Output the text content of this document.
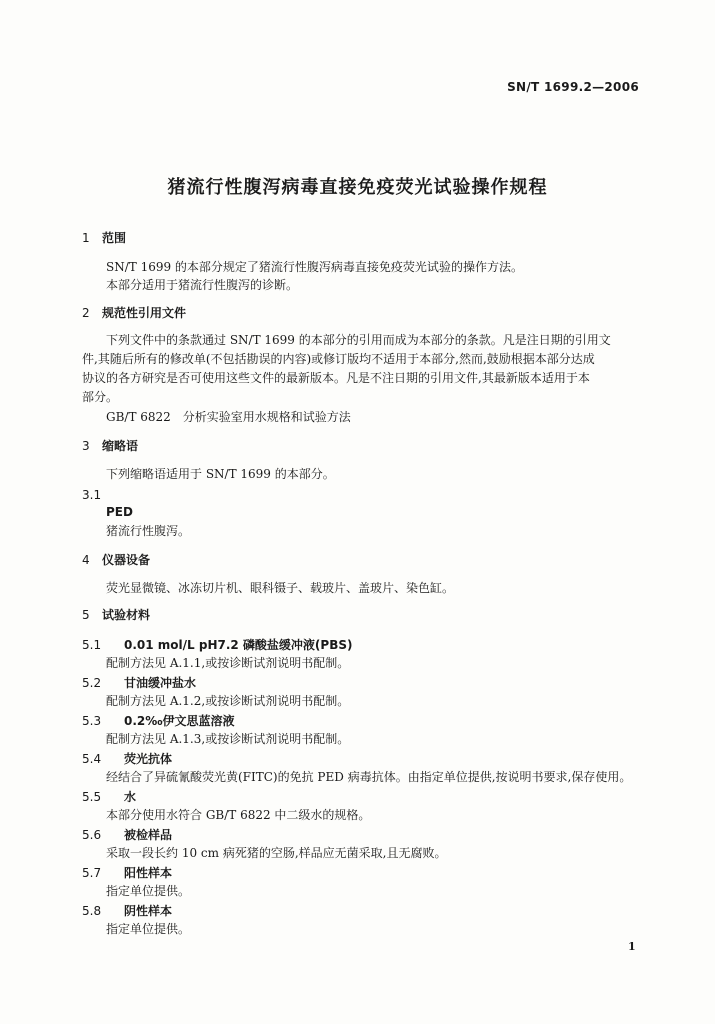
SN/T 1699.2—2006
猪流行性腹泻病毒直接免疫荧光试验操作规程
1 范围
SN/T 1699 的本部分规定了猪流行性腹泻病毒直接免疫荧光试验的操作方法。
本部分适用于猪流行性腹泻的诊断。
2 规范性引用文件
下列文件中的条款通过 SN/T 1699 的本部分的引用而成为本部分的条款。凡是注日期的引用文
件,其随后所有的修改单(不包括勘误的内容)或修订版均不适用于本部分,然而,鼓励根据本部分达成
协议的各方研究是否可使用这些文件的最新版本。凡是不注日期的引用文件,其最新版本适用于本
部分。
GB/T 6822　分析实验室用水规格和试验方法
3 缩略语
下列缩略语适用于 SN/T 1699 的本部分。
3.1
PED
猪流行性腹泻。
4 仪器设备
荧光显微镜、冰冻切片机、眼科镊子、载玻片、盖玻片、染色缸。
5 试验材料
5.1 0.01 mol/L pH7.2 磷酸盐缓冲液(PBS)
配制方法见 A.1.1,或按诊断试剂说明书配制。
5.2 甘油缓冲盐水
配制方法见 A.1.2,或按诊断试剂说明书配制。
5.3 0.2‰伊文思蓝溶液
配制方法见 A.1.3,或按诊断试剂说明书配制。
5.4 荧光抗体
经结合了异硫氰酸荧光黄(FITC)的免抗 PED 病毒抗体。由指定单位提供,按说明书要求,保存使用。
5.5 水
本部分使用水符合 GB/T 6822 中二级水的规格。
5.6 被检样品
采取一段长约 10 cm 病死猪的空肠,样品应无菌采取,且无腐败。
5.7 阳性样本
指定单位提供。
5.8 阴性样本
指定单位提供。
1
